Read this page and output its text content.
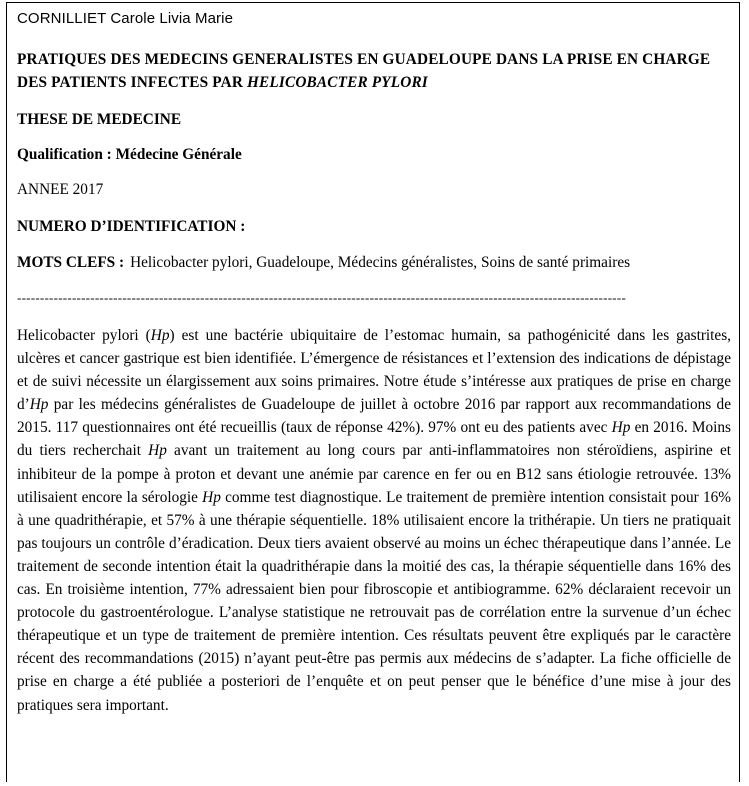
CORNILLIET Carole Livia Marie
PRATIQUES DES MEDECINS GENERALISTES EN GUADELOUPE DANS LA PRISE EN CHARGE DES PATIENTS INFECTES PAR HELICOBACTER PYLORI
THESE DE MEDECINE
Qualification : Médecine Générale
ANNEE 2017
NUMERO D’IDENTIFICATION :
MOTS CLEFS : Helicobacter pylori, Guadeloupe, Médecins généralistes, Soins de santé primaires
-------------------------------------------------------------------------------------------------------------------------------------
Helicobacter pylori (Hp) est une bactérie ubiquitaire de l’estomac humain, sa pathogénicité dans les gastrites, ulcères et cancer gastrique est bien identifiée. L’émergence de résistances et l’extension des indications de dépistage et de suivi nécessite un élargissement aux soins primaires. Notre étude s’intéresse aux pratiques de prise en charge d’Hp par les médecins généralistes de Guadeloupe de juillet à octobre 2016 par rapport aux recommandations de 2015. 117 questionnaires ont été recueillis (taux de réponse 42%). 97% ont eu des patients avec Hp en 2016. Moins du tiers recherchait Hp avant un traitement au long cours par anti-inflammatoires non stéroïdiens, aspirine et inhibiteur de la pompe à proton et devant une anémie par carence en fer ou en B12 sans étiologie retrouvée. 13% utilisaient encore la sérologie Hp comme test diagnostique. Le traitement de première intention consistait pour 16% à une quadrithérapie, et 57% à une thérapie séquentielle. 18% utilisaient encore la trithérapie. Un tiers ne pratiquait pas toujours un contrôle d’éradication. Deux tiers avaient observé au moins un échec thérapeutique dans l’année. Le traitement de seconde intention était la quadrithérapie dans la moitié des cas, la thérapie séquentielle dans 16% des cas. En troisième intention, 77% adressaient bien pour fibroscopie et antibiogramme. 62% déclaraient recevoir un protocole du gastroentérologue. L’analyse statistique ne retrouvait pas de corrélation entre la survenue d’un échec thérapeutique et un type de traitement de première intention. Ces résultats peuvent être expliqués par le caractère récent des recommandations (2015) n’ayant peut-être pas permis aux médecins de s’adapter. La fiche officielle de prise en charge a été publiée a posteriori de l’enquête et on peut penser que le bénéfice d’une mise à jour des pratiques sera important.
